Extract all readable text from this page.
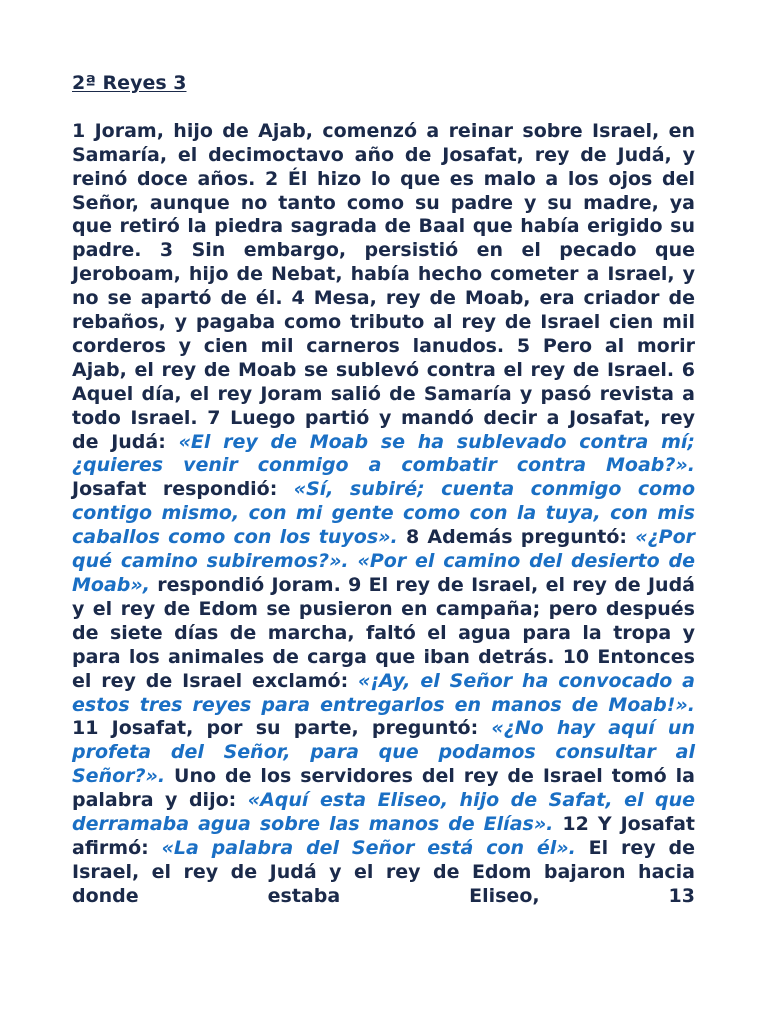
2ª Reyes 3

1 Joram, hijo de Ajab, comenzó a reinar sobre Israel, en Samaría, el decimoctavo año de Josafat, rey de Judá, y reinó doce años. 2 Él hizo lo que es malo a los ojos del Señor, aunque no tanto como su padre y su madre, ya que retiró la piedra sagrada de Baal que había erigido su padre. 3 Sin embargo, persistió en el pecado que Jeroboam, hijo de Nebat, había hecho cometer a Israel, y no se apartó de él. 4 Mesa, rey de Moab, era criador de rebaños, y pagaba como tributo al rey de Israel cien mil corderos y cien mil carneros lanudos. 5 Pero al morir Ajab, el rey de Moab se sublevó contra el rey de Israel. 6 Aquel día, el rey Joram salió de Samaría y pasó revista a todo Israel. 7 Luego partió y mandó decir a Josafat, rey de Judá: «El rey de Moab se ha sublevado contra mí; ¿quieres venir conmigo a combatir contra Moab?». Josafat respondió: «Sí, subiré; cuenta conmigo como contigo mismo, con mi gente como con la tuya, con mis caballos como con los tuyos». 8 Además preguntó: «¿Por qué camino subiremos?». «Por el camino del desierto de Moab», respondió Joram. 9 El rey de Israel, el rey de Judá y el rey de Edom se pusieron en campaña; pero después de siete días de marcha, faltó el agua para la tropa y para los animales de carga que iban detrás. 10 Entonces el rey de Israel exclamó: «¡Ay, el Señor ha convocado a estos tres reyes para entregarlos en manos de Moab!». 11 Josafat, por su parte, preguntó: «¿No hay aquí un profeta del Señor, para que podamos consultar al Señor?». Uno de los servidores del rey de Israel tomó la palabra y dijo: «Aquí esta Eliseo, hijo de Safat, el que derramaba agua sobre las manos de Elías». 12 Y Josafat afirmó: «La palabra del Señor está con él». El rey de Israel, el rey de Judá y el rey de Edom bajaron hacia donde estaba Eliseo, 13
